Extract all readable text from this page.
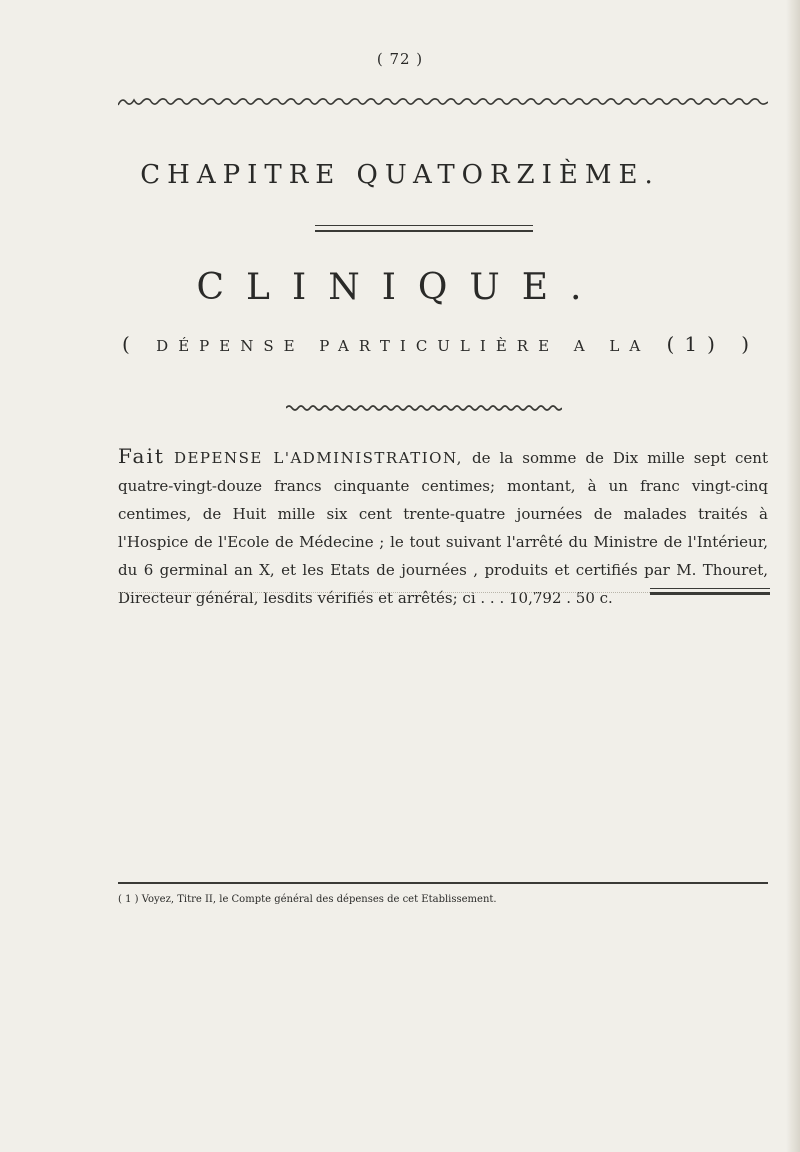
( 72 )
CHAPITRE QUATORZIÈME.
CLINIQUE.
( DÉPENSE PARTICULIÈRE A LA (1) )

Fait DEPENSE L'ADMINISTRATION, de la somme de Dix mille sept cent quatre-vingt-douze francs cinquante centimes; montant, à un franc vingt-cinq centimes, de Huit mille six cent trente-quatre journées de malades traités à l'Hospice de l'Ecole de Médecine ; le tout suivant l'arrêté du Ministre de l'Intérieur, du 6 germinal an X, et les Etats de journées , produits et certifiés par M. Thouret, Directeur général, lesdits vérifiés et arrêtés; ci . . . 10,792 . 50 c.

( 1 ) Voyez, Titre II, le Compte général des dépenses de cet Etablissement.
